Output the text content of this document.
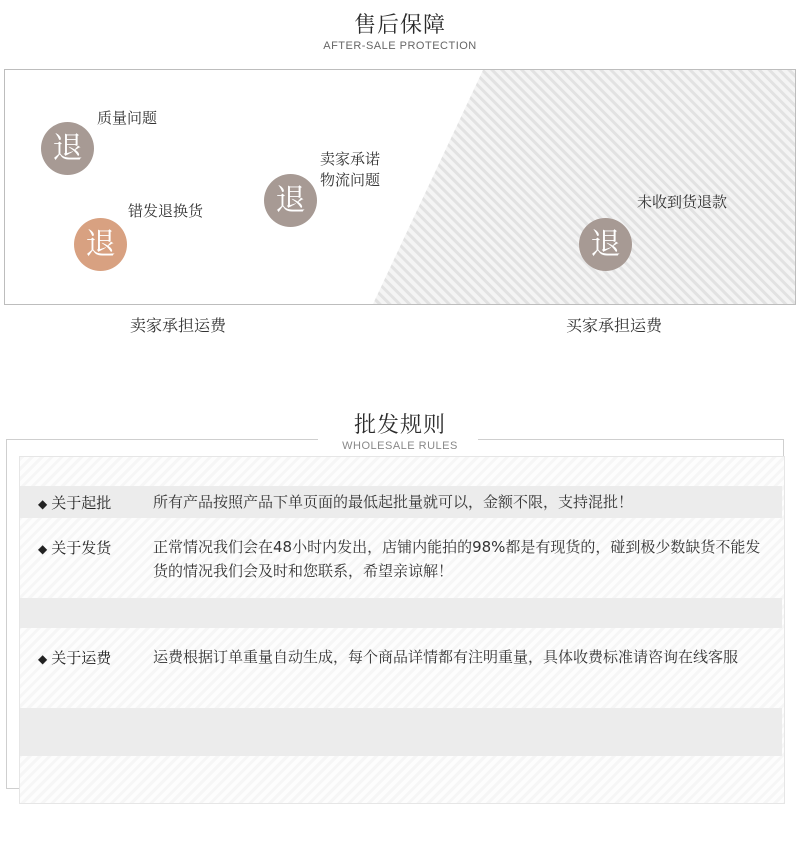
售后保障
AFTER-SALE PROTECTION
退
质量问题
退
错发退换货 退
卖家承诺
物流问题
退
未收到货退款
卖家承担运费	买家承担运费
批发规则
WHOLESALE RULES
◆ 关于起批	所有产品按照产品下单页面的最低起批量就可以，金额不限，支持混批！
◆ 关于发货	正常情况我们会在48小时内发出，店铺内能拍的98%都是有现货的，碰到极少数缺货不能发货的情况我们会及时和您联系，希望亲谅解！
◆ 关于运费	运费根据订单重量自动生成，每个商品详情都有注明重量，具体收费标准请咨询在线客服
